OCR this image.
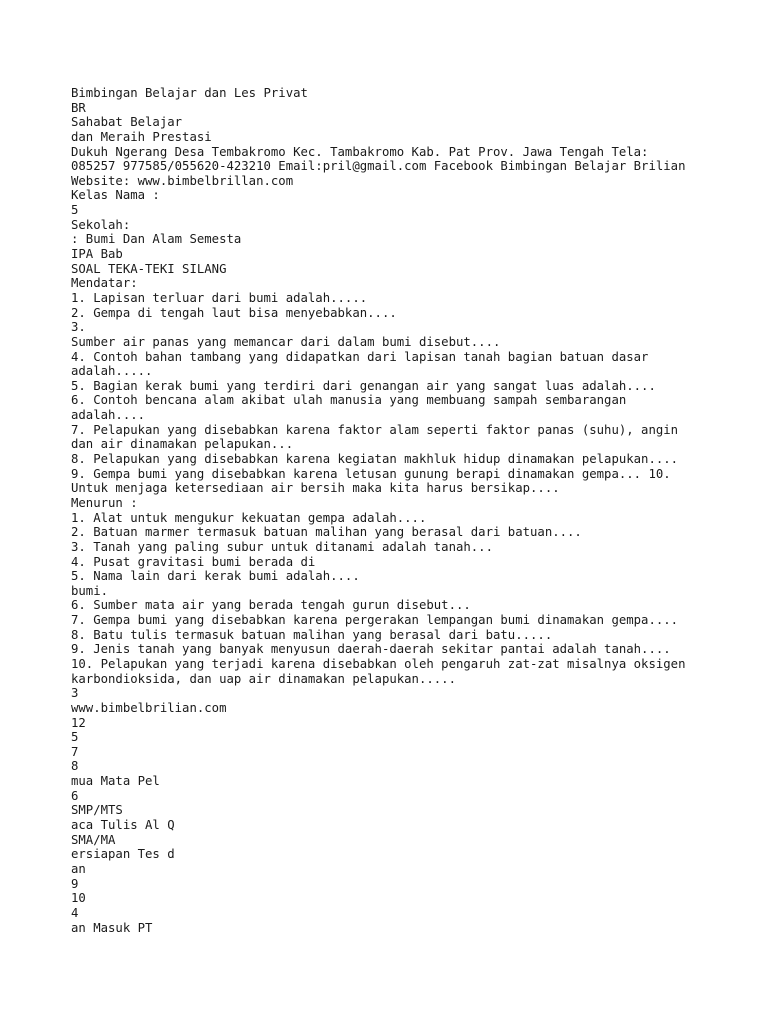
Bimbingan Belajar dan Les Privat
BR
Sahabat Belajar
dan Meraih Prestasi
Dukuh Ngerang Desa Tembakromo Kec. Tambakromo Kab. Pat Prov. Jawa Tengah Tela:
085257 977585/055620-423210 Email:pril@gmail.com Facebook Bimbingan Belajar Brilian
Website: www.bimbelbrillan.com
Kelas Nama :
5
Sekolah:
: Bumi Dan Alam Semesta
IPA Bab
SOAL TEKA-TEKI SILANG
Mendatar:
1. Lapisan terluar dari bumi adalah.....
2. Gempa di tengah laut bisa menyebabkan....
3.
Sumber air panas yang memancar dari dalam bumi disebut....
4. Contoh bahan tambang yang didapatkan dari lapisan tanah bagian batuan dasar
adalah.....
5. Bagian kerak bumi yang terdiri dari genangan air yang sangat luas adalah....
6. Contoh bencana alam akibat ulah manusia yang membuang sampah sembarangan
adalah....
7. Pelapukan yang disebabkan karena faktor alam seperti faktor panas (suhu), angin
dan air dinamakan pelapukan...
8. Pelapukan yang disebabkan karena kegiatan makhluk hidup dinamakan pelapukan....
9. Gempa bumi yang disebabkan karena letusan gunung berapi dinamakan gempa... 10.
Untuk menjaga ketersediaan air bersih maka kita harus bersikap....
Menurun :
1. Alat untuk mengukur kekuatan gempa adalah....
2. Batuan marmer termasuk batuan malihan yang berasal dari batuan....
3. Tanah yang paling subur untuk ditanami adalah tanah...
4. Pusat gravitasi bumi berada di
5. Nama lain dari kerak bumi adalah....
bumi.
6. Sumber mata air yang berada tengah gurun disebut...
7. Gempa bumi yang disebabkan karena pergerakan lempangan bumi dinamakan gempa....
8. Batu tulis termasuk batuan malihan yang berasal dari batu.....
9. Jenis tanah yang banyak menyusun daerah-daerah sekitar pantai adalah tanah....
10. Pelapukan yang terjadi karena disebabkan oleh pengaruh zat-zat misalnya oksigen
karbondioksida, dan uap air dinamakan pelapukan.....
3
www.bimbelbrilian.com
12
5
7
8
mua Mata Pel
6
SMP/MTS
aca Tulis Al Q
SMA/MA
ersiapan Tes d
an
9
10
4
an Masuk PT
